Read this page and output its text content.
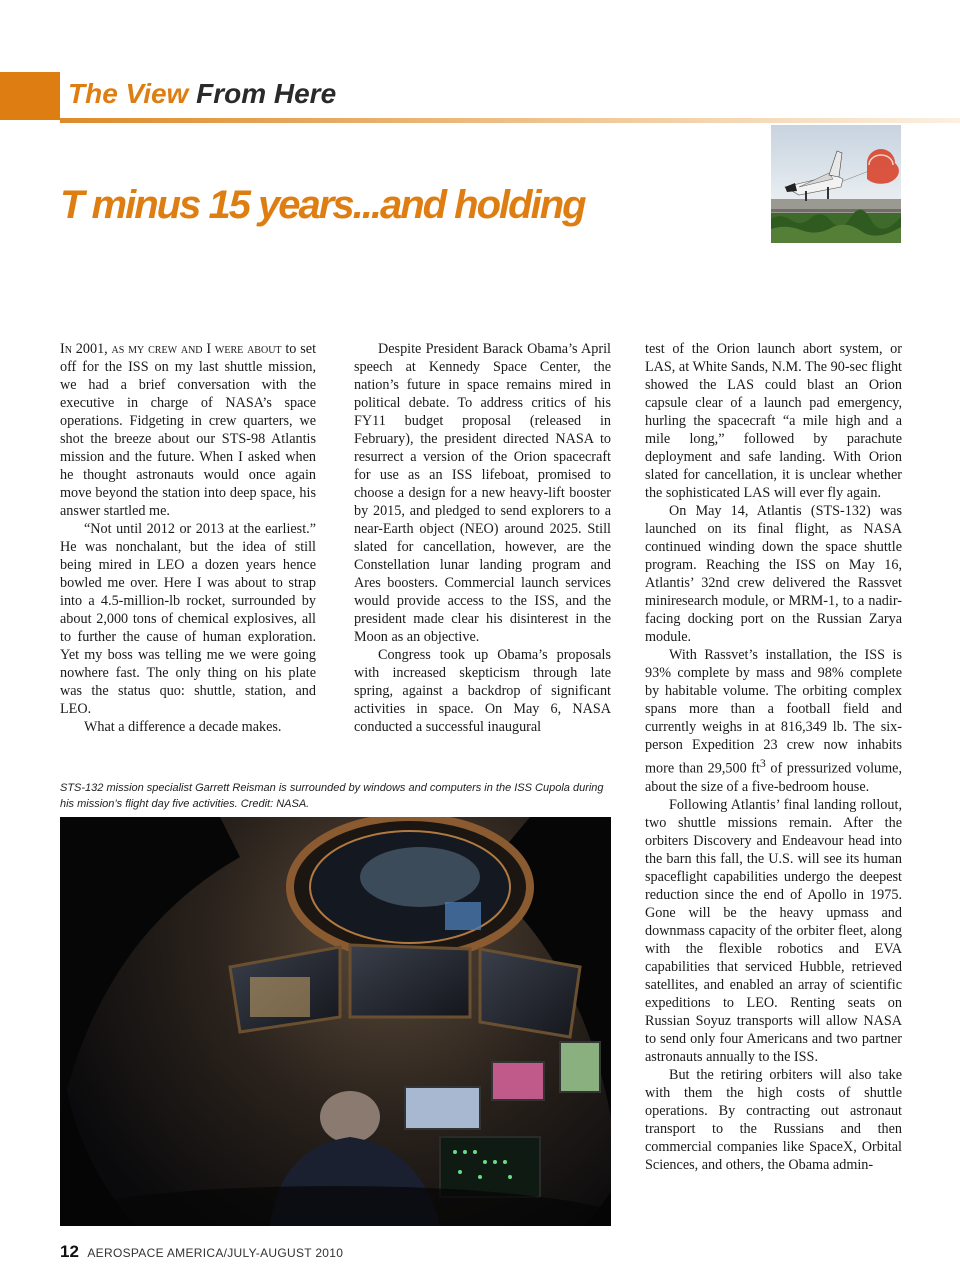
The View From Here
T minus 15 years...and holding

In 2001, as my crew and I were about to set off for the ISS on my last shuttle mission, we had a brief conversation with the executive in charge of NASA’s space operations. Fidgeting in crew quarters, we shot the breeze about our STS-98 Atlantis mission and the future. When I asked when he thought astronauts would once again move beyond the station into deep space, his answer startled me.

“Not until 2012 or 2013 at the earliest.” He was nonchalant, but the idea of still being mired in LEO a dozen years hence bowled me over. Here I was about to strap into a 4.5-million-lb rocket, surrounded by about 2,000 tons of chemical explosives, all to further the cause of human exploration. Yet my boss was telling me we were going nowhere fast. The only thing on his plate was the status quo: shuttle, station, and LEO.

What a difference a decade makes.

Despite President Barack Obama’s April speech at Kennedy Space Center, the nation’s future in space remains mired in political debate. To address critics of his FY11 budget proposal (released in February), the president directed NASA to resurrect a version of the Orion spacecraft for use as an ISS lifeboat, promised to choose a design for a new heavy-lift booster by 2015, and pledged to send explorers to a near-Earth object (NEO) around 2025. Still slated for cancellation, however, are the Constellation lunar landing program and Ares boosters. Commercial launch services would provide access to the ISS, and the president made clear his disinterest in the Moon as an objective.

Congress took up Obama’s proposals with increased skepticism through late spring, against a backdrop of significant activities in space. On May 6, NASA conducted a successful inaugural

test of the Orion launch abort system, or LAS, at White Sands, N.M. The 90-sec flight showed the LAS could blast an Orion capsule clear of a launch pad emergency, hurling the spacecraft “a mile high and a mile long,” followed by parachute deployment and safe landing. With Orion slated for cancellation, it is unclear whether the sophisticated LAS will ever fly again.

On May 14, Atlantis (STS-132) was launched on its final flight, as NASA continued winding down the space shuttle program. Reaching the ISS on May 16, Atlantis’ 32nd crew delivered the Rassvet miniresearch module, or MRM-1, to a nadir-facing docking port on the Russian Zarya module.

With Rassvet’s installation, the ISS is 93% complete by mass and 98% complete by habitable volume. The orbiting complex spans more than a football field and currently weighs in at 816,349 lb. The six-person Expedition 23 crew now inhabits more than 29,500 $ft^3$ of pressurized volume, about the size of a five-bedroom house.

Following Atlantis’ final landing rollout, two shuttle missions remain. After the orbiters Discovery and Endeavour head into the barn this fall, the U.S. will see its human spaceflight capabilities undergo the deepest reduction since the end of Apollo in 1975. Gone will be the heavy upmass and downmass capacity of the orbiter fleet, along with the flexible robotics and EVA capabilities that serviced Hubble, retrieved satellites, and enabled an array of scientific expeditions to LEO. Renting seats on Russian Soyuz transports will allow NASA to send only four Americans and two partner astronauts annually to the ISS.

But the retiring orbiters will also take with them the high costs of shuttle operations. By contracting out astronaut transport to the Russians and then commercial companies like SpaceX, Orbital Sciences, and others, the Obama admin-

STS-132 mission specialist Garrett Reisman is surrounded by windows and computers in the ISS Cupola during his mission’s flight day five activities. Credit: NASA.

12 AEROSPACE AMERICA/JULY-AUGUST 2010
